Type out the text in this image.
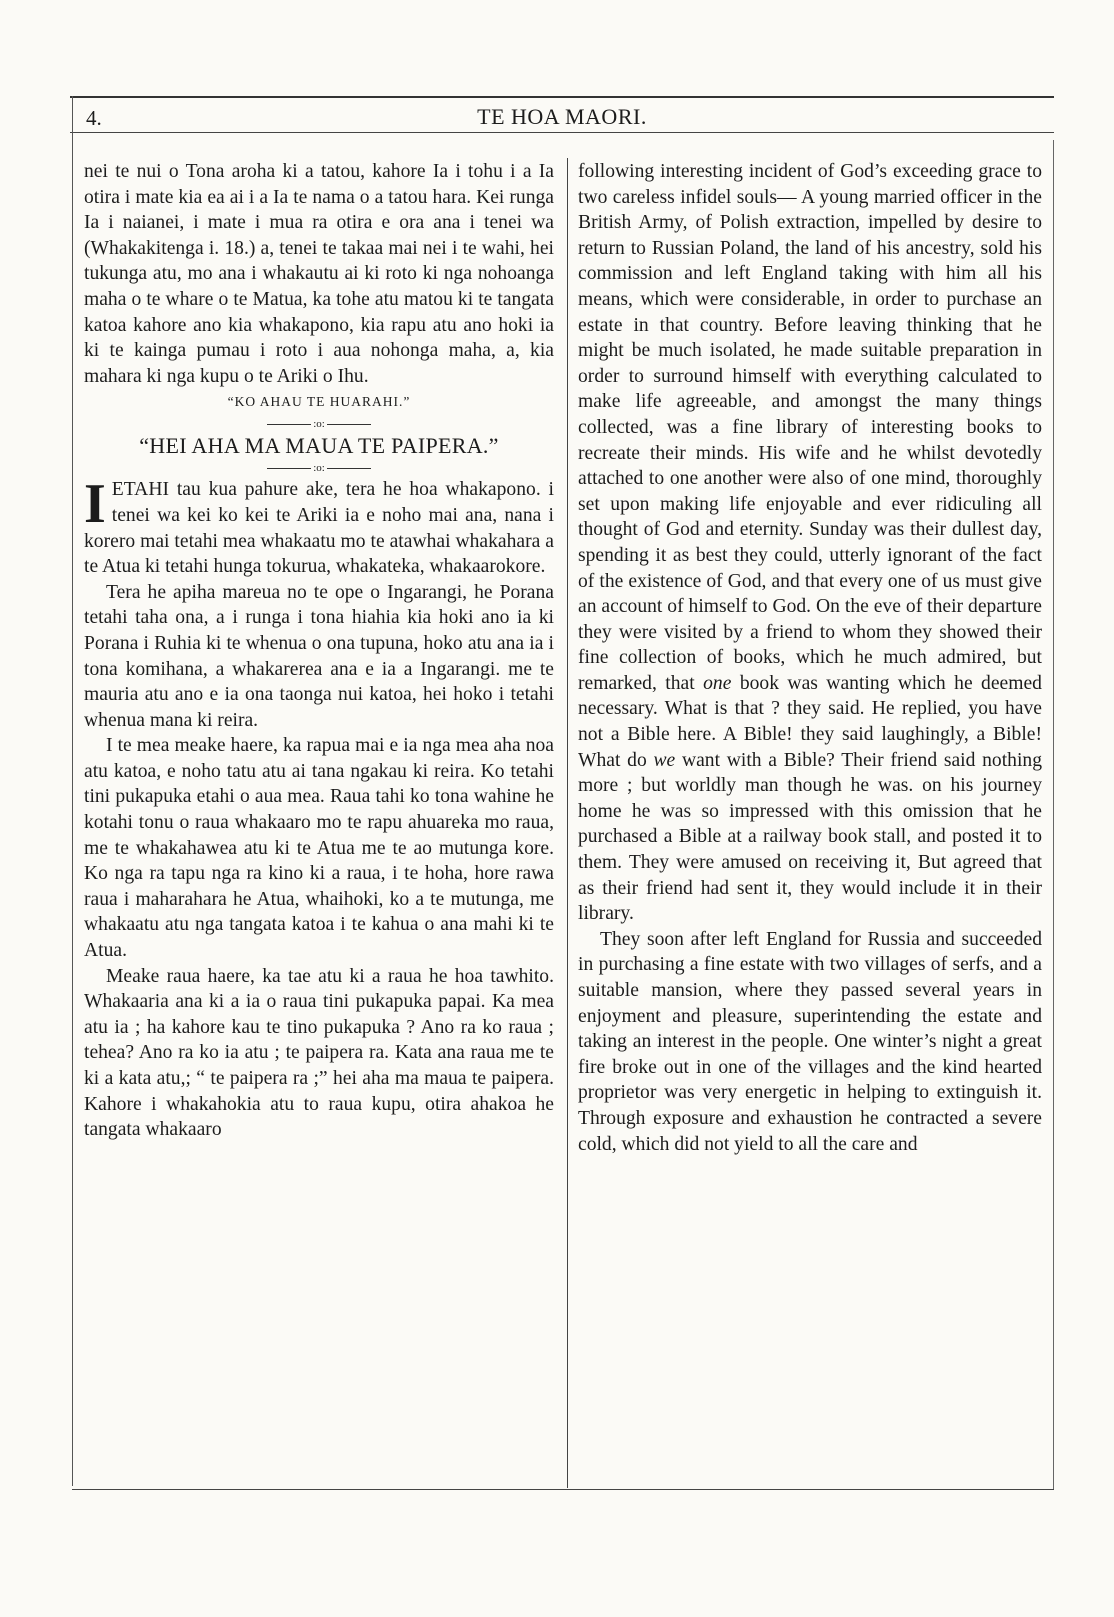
4.	TE HOA MAORI.

nei te nui o Tona aroha ki a tatou, kahore Ia i tohu i a Ia otira i mate kia ea ai i a Ia te nama o a tatou hara. Kei runga Ia i naianei, i mate i mua ra otira e ora ana i tenei wa (Whakakitenga i. 18.) a, tenei te takaa mai nei i te wahi, hei tukunga atu, mo ana i whakautu ai ki roto ki nga nohoanga maha o te whare o te Matua, ka tohe atu matou ki te tangata katoa kahore ano kia whakapono, kia rapu atu ano hoki ia ki te kainga pumau i roto i aua nohonga maha, a, kia mahara ki nga kupu o te Ariki o Ihu.

“KO AHAU TE HUARAHI.”

:o:

“HEI AHA MA MAUA TE PAIPERA.”

:o:

IETAHI tau kua pahure ake, tera he hoa whakapono. i tenei wa kei ko kei te Ariki ia e noho mai ana, nana i korero mai tetahi mea whakaatu mo te atawhai whakahara a te Atua ki tetahi hunga tokurua, whakateka, whakaarokore.

Tera he apiha mareua no te ope o Ingarangi, he Porana tetahi taha ona, a i runga i tona hiahia kia hoki ano ia ki Porana i Ruhia ki te whenua o ona tupuna, hoko atu ana ia i tona komihana, a whakarerea ana e ia a Ingarangi. me te mauria atu ano e ia ona taonga nui katoa, hei hoko i tetahi whenua mana ki reira.

I te mea meake haere, ka rapua mai e ia nga mea aha noa atu katoa, e noho tatu atu ai tana ngakau ki reira. Ko tetahi tini pukapuka etahi o aua mea. Raua tahi ko tona wahine he kotahi tonu o raua whakaaro mo te rapu ahuareka mo raua, me te whakahawea atu ki te Atua me te ao mutunga kore. Ko nga ra tapu nga ra kino ki a raua, i te hoha, hore rawa raua i maharahara he Atua, whaihoki, ko a te mutunga, me whakaatu atu nga tangata katoa i te kahua o ana mahi ki te Atua.

Meake raua haere, ka tae atu ki a raua he hoa tawhito. Whakaaria ana ki a ia o raua tini pukapuka papai. Ka mea atu ia ; ha kahore kau te tino pukapuka ? Ano ra ko raua ; tehea? Ano ra ko ia atu ; te paipera ra. Kata ana raua me te ki a kata atu,; “ te paipera ra ;” hei aha ma maua te paipera. Kahore i whakahokia atu to raua kupu, otira ahakoa he tangata whakaaro

following interesting incident of God’s exceeding grace to two careless infidel souls— A young married officer in the British Army, of Polish extraction, impelled by desire to return to Russian Poland, the land of his ancestry, sold his commission and left England taking with him all his means, which were considerable, in order to purchase an estate in that country. Before leaving thinking that he might be much isolated, he made suitable preparation in order to surround himself with everything calculated to make life agreeable, and amongst the many things collected, was a fine library of interesting books to recreate their minds. His wife and he whilst devotedly attached to one another were also of one mind, thoroughly set upon making life enjoyable and ever ridiculing all thought of God and eternity. Sunday was their dullest day, spending it as best they could, utterly ignorant of the fact of the existence of God, and that every one of us must give an account of himself to God. On the eve of their departure they were visited by a friend to whom they showed their fine collection of books, which he much admired, but remarked, that one book was wanting which he deemed necessary. What is that ? they said. He replied, you have not a Bible here. A Bible! they said laughingly, a Bible! What do we want with a Bible? Their friend said nothing more ; but worldly man though he was. on his journey home he was so impressed with this omission that he purchased a Bible at a railway book stall, and posted it to them. They were amused on receiving it, But agreed that as their friend had sent it, they would include it in their library.

They soon after left England for Russia and succeeded in purchasing a fine estate with two villages of serfs, and a suitable mansion, where they passed several years in enjoyment and pleasure, superintending the estate and taking an interest in the people. One winter’s night a great fire broke out in one of the villages and the kind hearted proprietor was very energetic in helping to extinguish it. Through exposure and exhaustion he contracted a severe cold, which did not yield to all the care and
